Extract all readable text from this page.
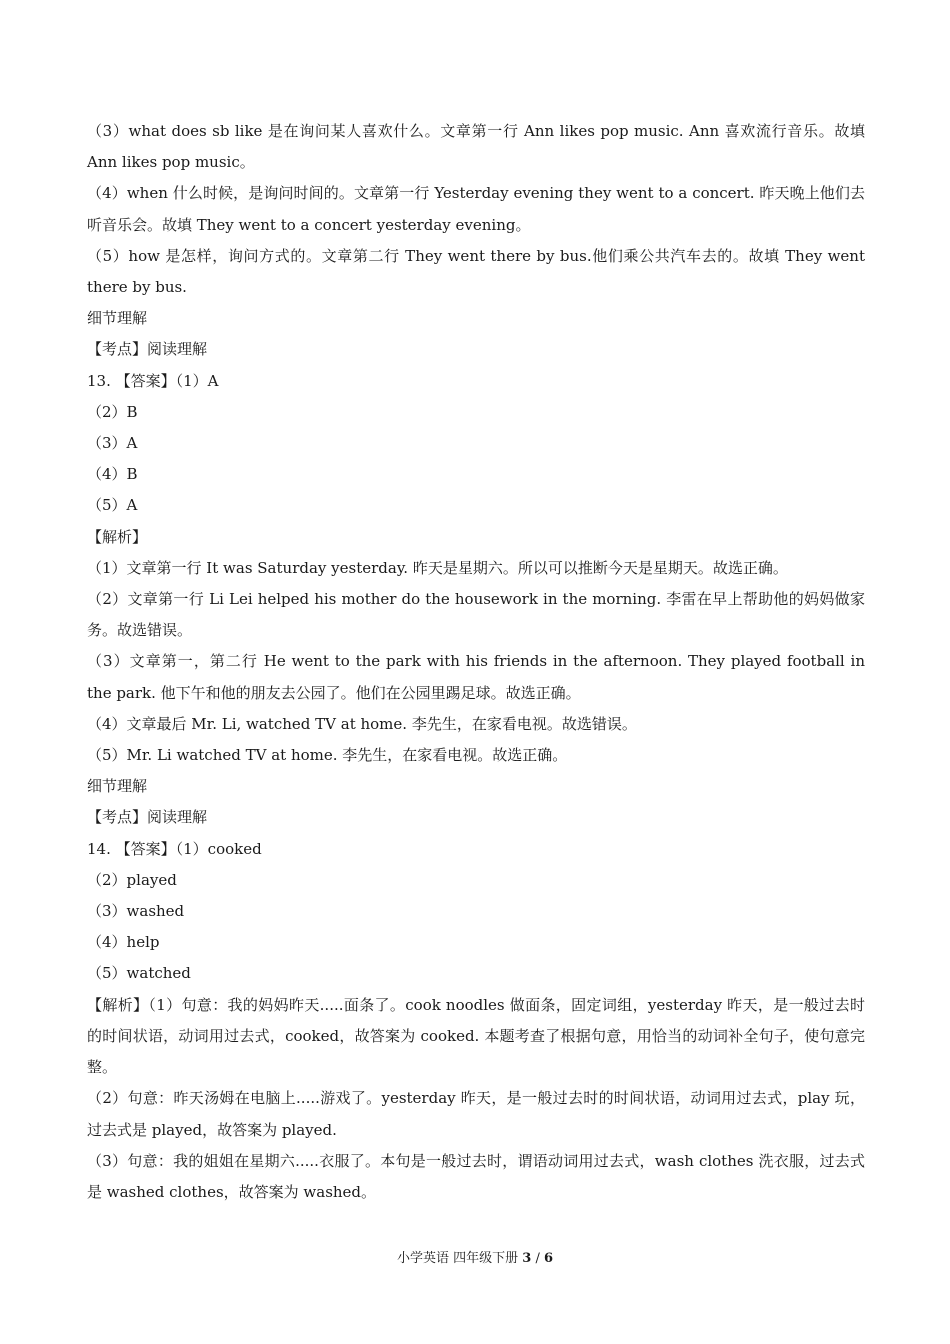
（3）what does sb like 是在询问某人喜欢什么。文章第一行 Ann likes pop music. Ann 喜欢流行音乐。故填 Ann likes pop music。

（4）when 什么时候，是询问时间的。文章第一行 Yesterday evening they went to a concert. 昨天晚上他们去听音乐会。故填 They went to a concert yesterday evening。

（5）how 是怎样，询问方式的。文章第二行 They went there by bus.他们乘公共汽车去的。故填 They went there by bus.

细节理解

【考点】阅读理解

13. 【答案】（1）A

（2）B

（3）A

（4）B

（5）A

【解析】

（1）文章第一行 It was Saturday yesterday. 昨天是星期六。所以可以推断今天是星期天。故选正确。

（2）文章第一行 Li Lei helped his mother do the housework in the morning. 李雷在早上帮助他的妈妈做家务。故选错误。

（3）文章第一，第二行 He went to the park with his friends in the afternoon. They played football in the park. 他下午和他的朋友去公园了。他们在公园里踢足球。故选正确。

（4）文章最后 Mr. Li, watched TV at home. 李先生，在家看电视。故选错误。

（5）Mr. Li watched TV at home. 李先生，在家看电视。故选正确。

细节理解

【考点】阅读理解

14. 【答案】（1）cooked

（2）played

（3）washed

（4）help

（5）watched

【解析】（1）句意：我的妈妈昨天.....面条了。cook noodles 做面条，固定词组，yesterday 昨天，是一般过去时的时间状语，动词用过去式，cooked，故答案为 cooked. 本题考查了根据句意，用恰当的动词补全句子，使句意完整。

（2）句意：昨天汤姆在电脑上.....游戏了。yesterday 昨天，是一般过去时的时间状语，动词用过去式，play 玩，过去式是 played，故答案为 played.

（3）句意：我的姐姐在星期六.....衣服了。本句是一般过去时，谓语动词用过去式，wash clothes 洗衣服，过去式是 washed clothes，故答案为 washed。

小学英语 四年级下册 3 / 6
